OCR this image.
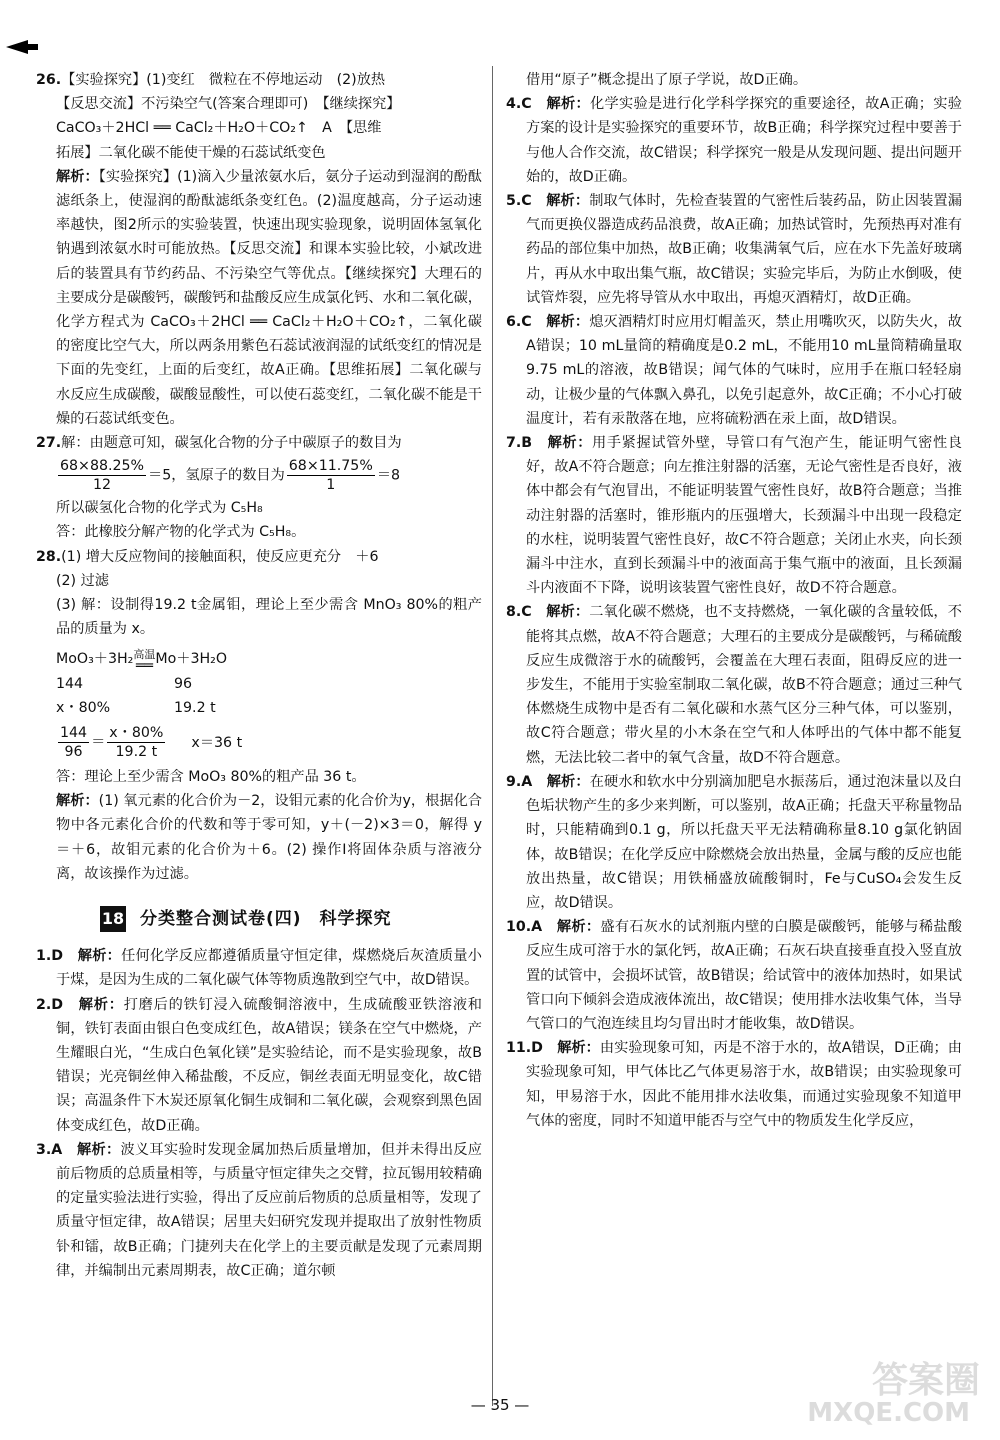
26.【实验探究】(1)变红　微粒在不停地运动　(2)放热

【反思交流】不污染空气(答案合理即可)　【继续探究】

CaCO₃＋2HCl ══ CaCl₂＋H₂O＋CO₂↑　A　【思维

拓展】二氧化碳不能使干燥的石蕊试纸变色

解析：【实验探究】(1)滴入少量浓氨水后，氨分子运动到湿润的酚酞滤纸条上，使湿润的酚酞滤纸条变红色。(2)温度越高，分子运动速率越快，图2所示的实验装置，快速出现实验现象，说明固体氢氧化钠遇到浓氨水时可能放热。【反思交流】和课本实验比较，小斌改进后的装置具有节约药品、不污染空气等优点。【继续探究】大理石的主要成分是碳酸钙，碳酸钙和盐酸反应生成氯化钙、水和二氧化碳，化学方程式为 CaCO₃＋2HCl ══ CaCl₂＋H₂O＋CO₂↑，二氧化碳的密度比空气大，所以两条用紫色石蕊试液润湿的试纸变红的情况是下面的先变红，上面的后变红，故A正确。【思维拓展】二氧化碳与水反应生成碳酸，碳酸显酸性，可以使石蕊变红，二氧化碳不能是干燥的石蕊试纸变色。

27.解：由题意可知，碳氢化合物的分子中碳原子的数目为

$\frac{68\times 88.25\%}{12} =5$，氢原子的数目为 $\frac{68\times 11.75\%}{1} =8$

所以碳氢化合物的化学式为 C₅H₈

答：此橡胶分解产物的化学式为 C₅H₈。

28.(1) 增大反应物间的接触面积，使反应更充分　＋6

(2) 过滤

(3) 解：设制得19.2 t金属钼，理论上至少需含 MnO₃ 80%的粗产品的质量为 x。

MoO₃＋3H₂ 高温
══ Mo＋3H₂O

144	96

x・80%	19.2 t

$\frac{144}{96} = \frac{x・80\%}{19.2 t} x=36$ t

答：理论上至少需含 MoO₃ 80%的粗产品 36 t。

解析：(1) 氧元素的化合价为－2，设钼元素的化合价为y，根据化合物中各元素化合价的代数和等于零可知，y＋(－2)×3＝0，解得 y＝＋6，故钼元素的化合价为＋6。(2) 操作Ⅰ将固体杂质与溶液分离，故该操作为过滤。

18 分类整合测试卷(四)　科学探究

1.D　 解析：任何化学反应都遵循质量守恒定律，煤燃烧后灰渣质量小于煤，是因为生成的二氧化碳气体等物质逸散到空气中，故D错误。

2.D　 解析：打磨后的铁钉浸入硫酸铜溶液中，生成硫酸亚铁溶液和铜，铁钉表面由银白色变成红色，故A错误；镁条在空气中燃烧，产生耀眼白光，“生成白色氧化镁”是实验结论，而不是实验现象，故B错误；光亮铜丝伸入稀盐酸，不反应，铜丝表面无明显变化，故C错误；高温条件下木炭还原氧化铜生成铜和二氧化碳，会观察到黑色固体变成红色，故D正确。

3.A　 解析：波义耳实验时发现金属加热后质量增加，但并未得出反应前后物质的总质量相等，与质量守恒定律失之交臂，拉瓦锡用较精确的定量实验法进行实验，得出了反应前后物质的总质量相等，发现了质量守恒定律，故A错误；居里夫妇研究发现并提取出了放射性物质钋和镭，故B正确；门捷列夫在化学上的主要贡献是发现了元素周期律，并编制出元素周期表，故C正确；道尔顿

借用“原子”概念提出了原子学说，故D正确。

4.C　 解析：化学实验是进行化学科学探究的重要途径，故A正确；实验方案的设计是实验探究的重要环节，故B正确；科学探究过程中要善于与他人合作交流，故C错误；科学探究一般是从发现问题、提出问题开始的，故D正确。

5.C　 解析：制取气体时，先检查装置的气密性后装药品，防止因装置漏气而更换仪器造成药品浪费，故A正确；加热试管时，先预热再对准有药品的部位集中加热，故B正确；收集满氧气后，应在水下先盖好玻璃片，再从水中取出集气瓶，故C错误；实验完毕后，为防止水倒吸，使试管炸裂，应先将导管从水中取出，再熄灭酒精灯，故D正确。

6.C　 解析：熄灭酒精灯时应用灯帽盖灭，禁止用嘴吹灭，以防失火，故A错误；10 mL量筒的精确度是0.2 mL，不能用10 mL量筒精确量取9.75 mL的溶液，故B错误；闻气体的气味时，应用手在瓶口轻轻扇动，让极少量的气体飘入鼻孔，以免引起意外，故C正确；不小心打破温度计，若有汞散落在地，应将硫粉洒在汞上面，故D错误。

7.B　 解析：用手紧握试管外壁，导管口有气泡产生，能证明气密性良好，故A不符合题意；向左推注射器的活塞，无论气密性是否良好，液体中都会有气泡冒出，不能证明装置气密性良好，故B符合题意；当推动注射器的活塞时，锥形瓶内的压强增大，长颈漏斗中出现一段稳定的水柱，说明装置气密性良好，故C不符合题意；关闭止水夹，向长颈漏斗中注水，直到长颈漏斗中的液面高于集气瓶中的液面，且长颈漏斗内液面不下降，说明该装置气密性良好，故D不符合题意。

8.C　 解析：二氧化碳不燃烧，也不支持燃烧，一氧化碳的含量较低，不能将其点燃，故A不符合题意；大理石的主要成分是碳酸钙，与稀硫酸反应生成微溶于水的硫酸钙，会覆盖在大理石表面，阻碍反应的进一步发生，不能用于实验室制取二氧化碳，故B不符合题意；通过三种气体燃烧生成物中是否有二氧化碳和水蒸气区分三种气体，可以鉴别，故C符合题意；带火星的小木条在空气和人体呼出的气体中都不能复燃，无法比较二者中的氧气含量，故D不符合题意。

9.A　 解析：在硬水和软水中分别滴加肥皂水振荡后，通过泡沫量以及白色垢状物产生的多少来判断，可以鉴别，故A正确；托盘天平称量物品时，只能精确到0.1 g，所以托盘天平无法精确称量8.10 g氯化钠固体，故B错误；在化学反应中除燃烧会放出热量，金属与酸的反应也能放出热量，故C错误；用铁桶盛放硫酸铜时，Fe与CuSO₄会发生反应，故D错误。

10.A　 解析：盛有石灰水的试剂瓶内壁的白膜是碳酸钙，能够与稀盐酸反应生成可溶于水的氯化钙，故A正确；石灰石块直接垂直投入竖直放置的试管中，会损坏试管，故B错误；给试管中的液体加热时，如果试管口向下倾斜会造成液体流出，故C错误；使用排水法收集气体，当导气管口的气泡连续且均匀冒出时才能收集，故D错误。

11.D　 解析：由实验现象可知，丙是不溶于水的，故A错误，D正确；由实验现象可知，甲气体比乙气体更易溶于水，故B错误；由实验现象可知，甲易溶于水，因此不能用排水法收集，而通过实验现象不知道甲气体的密度，同时不知道甲能否与空气中的物质发生化学反应，

— 35 —
答案圈
MXQE.COM
